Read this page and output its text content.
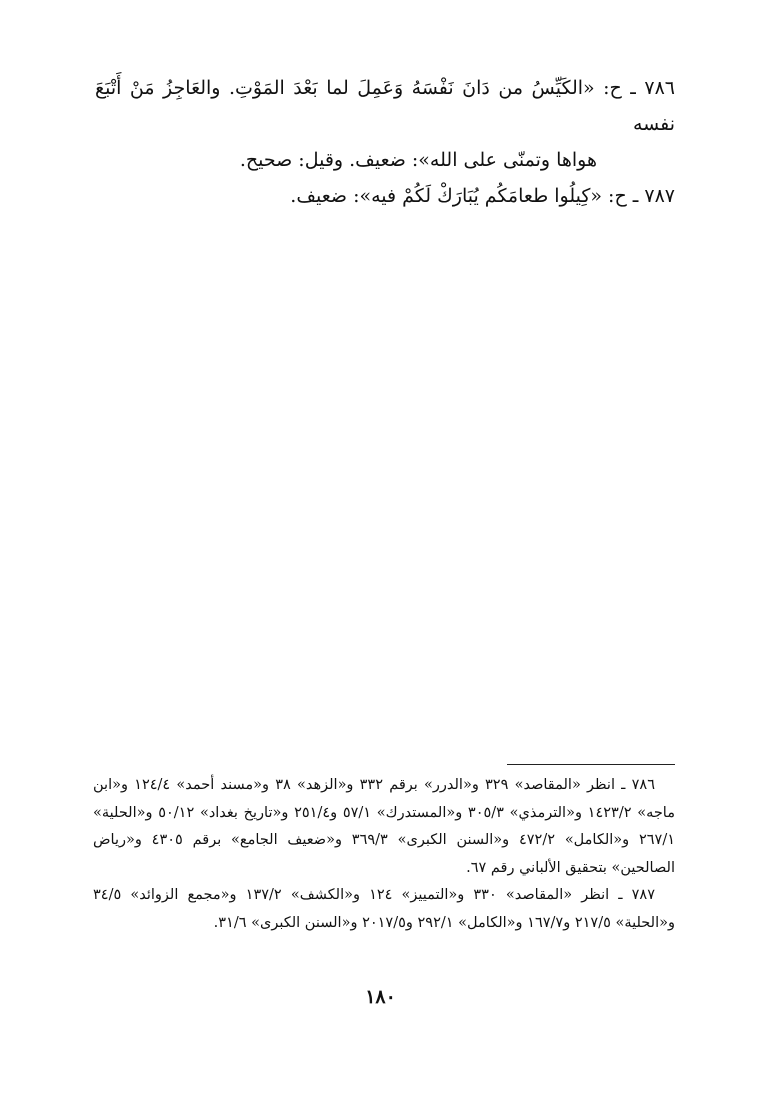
٧٨٦ ـ ح: «الكَيِّسُ من دَانَ نَفْسَهُ وَعَمِلَ لما بَعْدَ المَوْتِ. والعَاجِزُ مَنْ أَتْبَعَ نفسه
هواها وتمنّى على الله»: ضعيف. وقيل: صحيح.

٧٨٧ ـ ح: «كِيلُوا طعامَكُم يُبَارَكْ لَكُمْ فيه»: ضعيف.

٧٨٦ ـ انظر «المقاصد» ٣٢٩ و«الدرر» برقم ٣٣٢ و«الزهد» ٣٨ و«مسند أحمد» ١٢٤/٤ و«ابن ماجه» ١٤٢٣/٢ و«الترمذي» ٣٠٥/٣ و«المستدرك» ٥٧/١ و٢٥١/٤ و«تاريخ بغداد» ٥٠/١٢ و«الحلية» ٢٦٧/١ و«الكامل» ٤٧٢/٢ و«السنن الكبرى» ٣٦٩/٣ و«ضعيف الجامع» برقم ٤٣٠٥ و«رياض الصالحين» بتحقيق الألباني رقم ٦٧.

٧٨٧ ـ انظر «المقاصد» ٣٣٠ و«التمييز» ١٢٤ و«الكشف» ١٣٧/٢ و«مجمع الزوائد» ٣٤/٥ و«الحلية» ٢١٧/٥ و١٦٧/٧ و«الكامل» ٢٩٢/١ و٢٠١٧/٥ و«السنن الكبرى» ٣١/٦.

١٨٠
